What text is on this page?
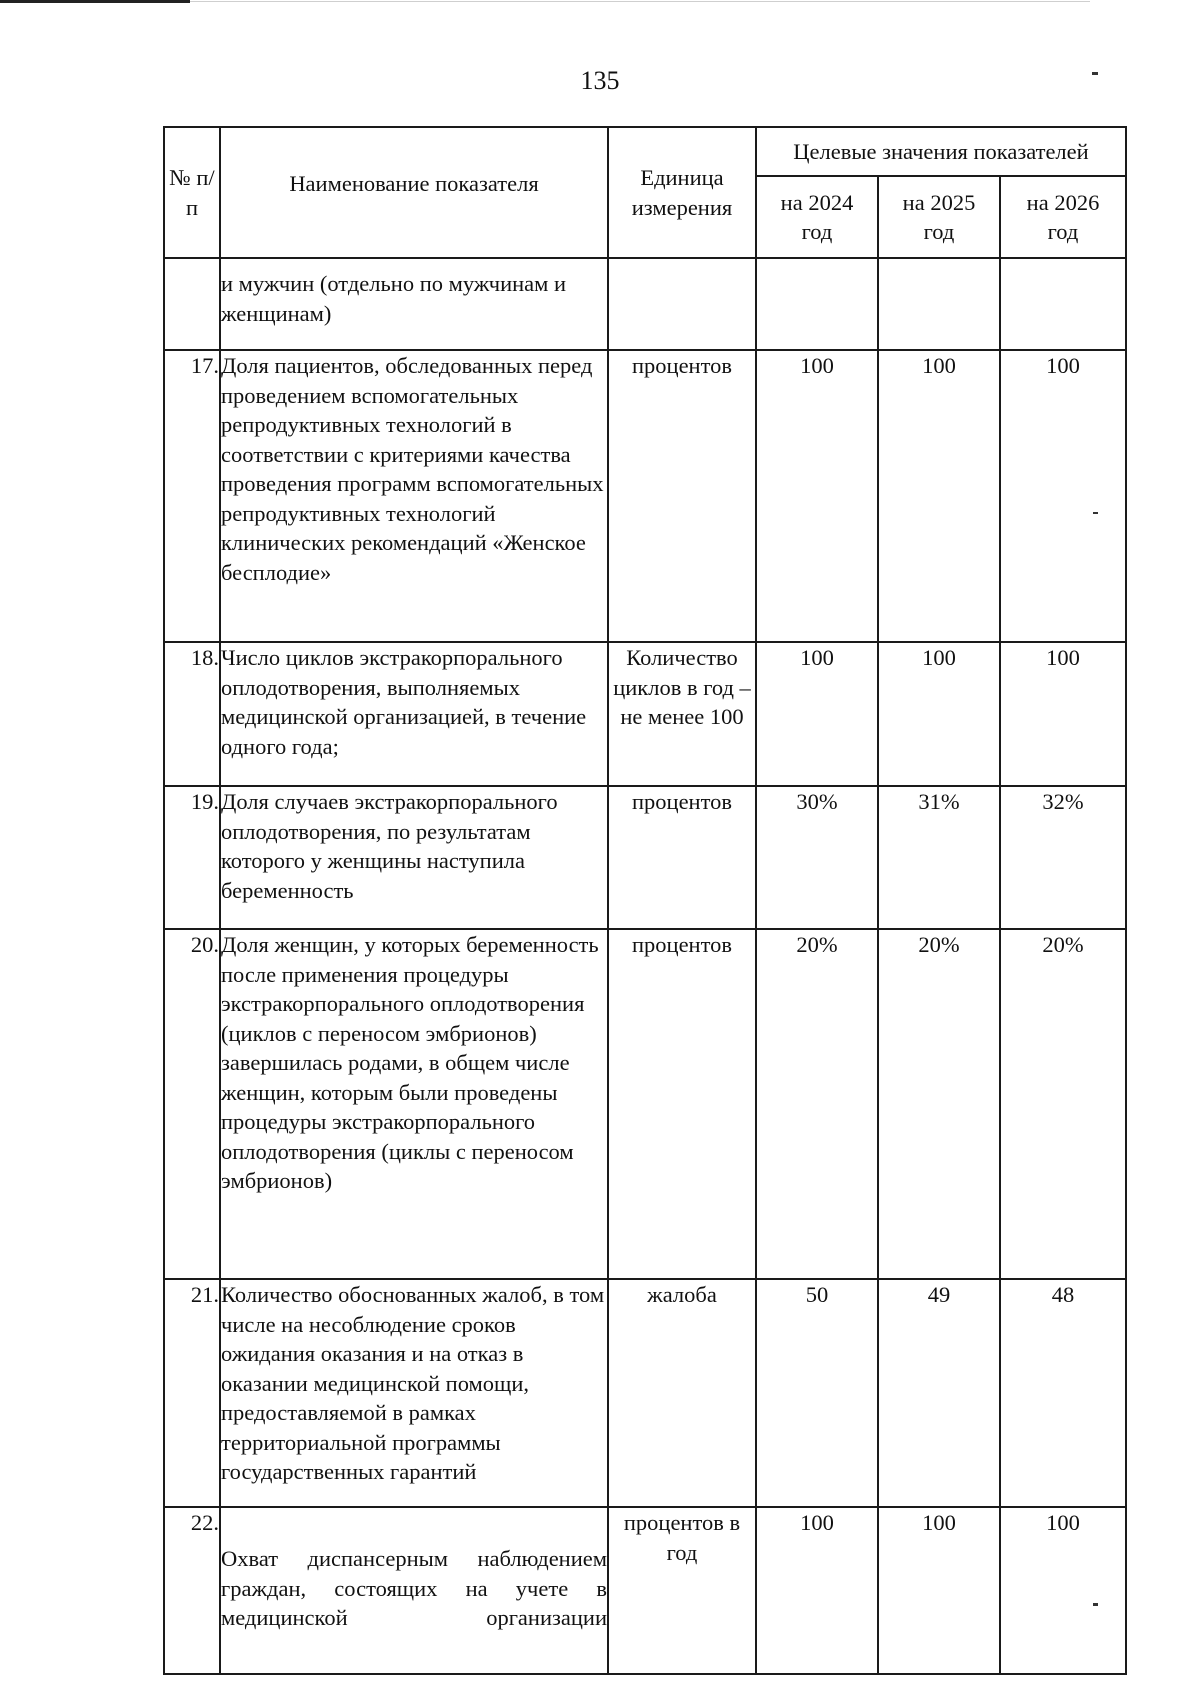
135
№ п/п	Наименование показателя	Единица измерения	Целевые значения показателей		
			на 2024 год	на 2025 год	на 2026 год
	и мужчин (отдельно по мужчинам и женщинам)				
17.	Доля пациентов, обследованных перед проведением вспомогательных репродуктивных технологий в соответствии с критериями качества проведения программ вспомогательных репродуктивных технологий клинических рекомендаций «Женское бесплодие»	процентов	100	100	100
18.	Число циклов экстракорпорального оплодотворения, выполняемых медицинской организацией, в течение одного года;	Количество циклов в год – не менее 100	100	100	100
19.	Доля случаев экстракорпорального оплодотворения, по результатам которого у женщины наступила беременность	процентов	30%	31%	32%
20.	Доля женщин, у которых беременность после применения процедуры экстракорпорального оплодотворения (циклов с переносом эмбрионов) завершилась родами, в общем числе женщин, которым были проведены процедуры экстракорпорального оплодотворения (циклы с переносом эмбрионов)	процентов	20%	20%	20%
21.	Количество обоснованных жалоб, в том числе на несоблюдение сроков ожидания оказания и на отказ в оказании медицинской помощи, предоставляемой в рамках территориальной программы государственных гарантий	жалоба	50	49	48
22.	Охват диспансерным наблюдением граждан, состоящих на учете в медицинской организации	процентов в год	100	100	100
